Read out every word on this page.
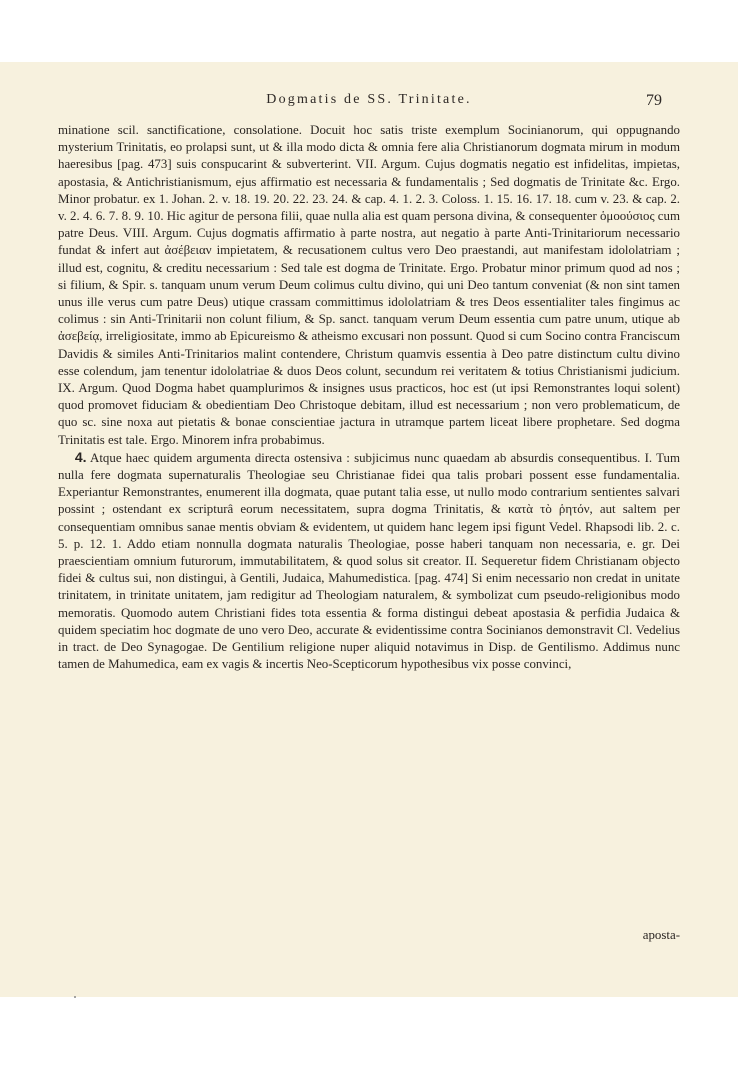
Dogmatis de SS. Trinitate.	79

minatione scil. sanctificatione, consolatione. Docuit hoc satis triste exemplum Socinianorum, qui oppugnando mysterium Trinitatis, eo prolapsi sunt, ut & illa modo dicta & omnia fere alia Christianorum dogmata mirum in modum haeresibus [pag. 473] suis conspucarint & subverterint. VII. Argum. Cujus dogmatis negatio est infidelitas, impietas, apostasia, & Antichristianismum, ejus affirmatio est necessaria & fundamentalis ; Sed dogmatis de Trinitate &c. Ergo. Minor probatur. ex 1. Johan. 2. v. 18. 19. 20. 22. 23. 24. & cap. 4. 1. 2. 3. Coloss. 1. 15. 16. 17. 18. cum v. 23. & cap. 2. v. 2. 4. 6. 7. 8. 9. 10. Hic agitur de persona filii, quae nulla alia est quam persona divina, & consequenter ὁμοούσιος cum patre Deus. VIII. Argum. Cujus dogmatis affirmatio à parte nostra, aut negatio à parte Anti-Trinitariorum necessario fundat & infert aut ἀσέβειαν impietatem, & recusationem cultus vero Deo praestandi, aut manifestam idololatriam ; illud est, cognitu, & creditu necessarium : Sed tale est dogma de Trinitate. Ergo. Probatur minor primum quod ad nos ; si filium, & Spir. s. tanquam unum verum Deum colimus cultu divino, qui uni Deo tantum conveniat (& non sint tamen unus ille verus cum patre Deus) utique crassam committimus idololatriam & tres Deos essentialiter tales fingimus ac colimus : sin Anti-Trinitarii non colunt filium, & Sp. sanct. tanquam verum Deum essentia cum patre unum, utique ab ἀσεβείᾳ, irreligiositate, immo ab Epicureismo & atheismo excusari non possunt. Quod si cum Socino contra Franciscum Davidis & similes Anti-Trinitarios malint contendere, Christum quamvis essentia à Deo patre distinctum cultu divino esse colendum, jam tenentur idololatriae & duos Deos colunt, secundum rei veritatem & totius Christianismi judicium. IX. Argum. Quod Dogma habet quamplurimos & insignes usus practicos, hoc est (ut ipsi Remonstrantes loqui solent) quod promovet fiduciam & obedientiam Deo Christoque debitam, illud est necessarium ; non vero problematicum, de quo sc. sine noxa aut pietatis & bonae conscientiae jactura in utramque partem liceat libere prophetare. Sed dogma Trinitatis est tale. Ergo. Minorem infra probabimus.

4. Atque haec quidem argumenta directa ostensiva : subjicimus nunc quaedam ab absurdis consequentibus. I. Tum nulla fere dogmata supernaturalis Theologiae seu Christianae fidei qua talis probari possent esse fundamentalia. Experiantur Remonstrantes, enumerent illa dogmata, quae putant talia esse, ut nullo modo contrarium sentientes salvari possint ; ostendant ex scripturâ eorum necessitatem, supra dogma Trinitatis, & κατὰ τὸ ῥητόν, aut saltem per consequentiam omnibus sanae mentis obviam & evidentem, ut quidem hanc legem ipsi figunt Vedel. Rhapsodi lib. 2. c. 5. p. 12. 1. Addo etiam nonnulla dogmata naturalis Theologiae, posse haberi tanquam non necessaria, e. gr. Dei praescientiam omnium futurorum, immutabilitatem, & quod solus sit creator. II. Sequeretur fidem Christianam objecto fidei & cultus sui, non distingui, à Gentili, Judaica, Mahumedistica. [pag. 474] Si enim necessario non credat in unitate trinitatem, in trinitate unitatem, jam redigitur ad Theologiam naturalem, & symbolizat cum pseudo-religionibus modo memoratis. Quomodo autem Christiani fides tota essentia & forma distingui debeat apostasia & perfidia Judaica & quidem speciatim hoc dogmate de uno vero Deo, accurate & evidentissime contra Socinianos demonstravit Cl. Vedelius in tract. de Deo Synagogae. De Gentilium religione nuper aliquid notavimus in Disp. de Gentilismo. Addimus nunc tamen de Mahumedica, eam ex vagis & incertis Neo-Scepticorum hypothesibus vix posse convinci,

aposta-
